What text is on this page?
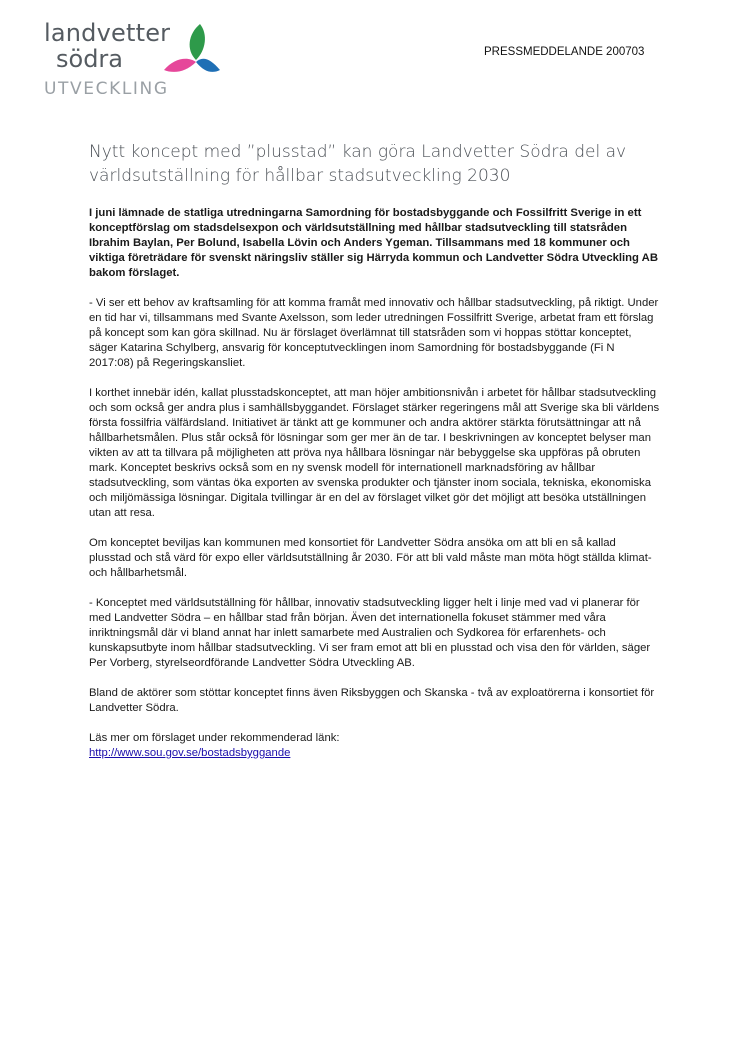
landvetter
södra
UTVECKLING
PRESSMEDDELANDE 200703
Nytt koncept med ”plusstad” kan göra Landvetter Södra del av världsutställning för hållbar stadsutveckling 2030

I juni lämnade de statliga utredningarna Samordning för bostadsbyggande och Fossilfritt Sverige in ett konceptförslag om stadsdelsexpon och världsutställning med hållbar stadsutveckling till statsråden Ibrahim Baylan, Per Bolund, Isabella Lövin och Anders Ygeman. Tillsammans med 18 kommuner och viktiga företrädare för svenskt näringsliv ställer sig Härryda kommun och Landvetter Södra Utveckling AB bakom förslaget.

- Vi ser ett behov av kraftsamling för att komma framåt med innovativ och hållbar stadsutveckling, på riktigt. Under en tid har vi, tillsammans med Svante Axelsson, som leder utredningen Fossilfritt Sverige, arbetat fram ett förslag på koncept som kan göra skillnad. Nu är förslaget överlämnat till statsråden som vi hoppas stöttar konceptet, säger Katarina Schylberg, ansvarig för konceptutvecklingen inom Samordning för bostadsbyggande (Fi N 2017:08) på Regeringskansliet.

I korthet innebär idén, kallat plusstadskonceptet, att man höjer ambitionsnivån i arbetet för hållbar stadsutveckling och som också ger andra plus i samhällsbyggandet. Förslaget stärker regeringens mål att Sverige ska bli världens första fossilfria välfärdsland. Initiativet är tänkt att ge kommuner och andra aktörer stärkta förutsättningar att nå hållbarhetsmålen. Plus står också för lösningar som ger mer än de tar. I beskrivningen av konceptet belyser man vikten av att ta tillvara på möjligheten att pröva nya hållbara lösningar när bebyggelse ska uppföras på obruten mark. Konceptet beskrivs också som en ny svensk modell för internationell marknadsföring av hållbar stadsutveckling, som väntas öka exporten av svenska produkter och tjänster inom sociala, tekniska, ekonomiska och miljömässiga lösningar. Digitala tvillingar är en del av förslaget vilket gör det möjligt att besöka utställningen utan att resa.

Om konceptet beviljas kan kommunen med konsortiet för Landvetter Södra ansöka om att bli en så kallad plusstad och stå värd för expo eller världsutställning år 2030. För att bli vald måste man möta högt ställda klimat- och hållbarhetsmål.

- Konceptet med världsutställning för hållbar, innovativ stadsutveckling ligger helt i linje med vad vi planerar för med Landvetter Södra – en hållbar stad från början. Även det internationella fokuset stämmer med våra inriktningsmål där vi bland annat har inlett samarbete med Australien och Sydkorea för erfarenhets- och kunskapsutbyte inom hållbar stadsutveckling. Vi ser fram emot att bli en plusstad och visa den för världen, säger Per Vorberg, styrelseordförande Landvetter Södra Utveckling AB.

Bland de aktörer som stöttar konceptet finns även Riksbyggen och Skanska - två av exploatörerna i konsortiet för Landvetter Södra.

Läs mer om förslaget under rekommenderad länk:
http://www.sou.gov.se/bostadsbyggande
